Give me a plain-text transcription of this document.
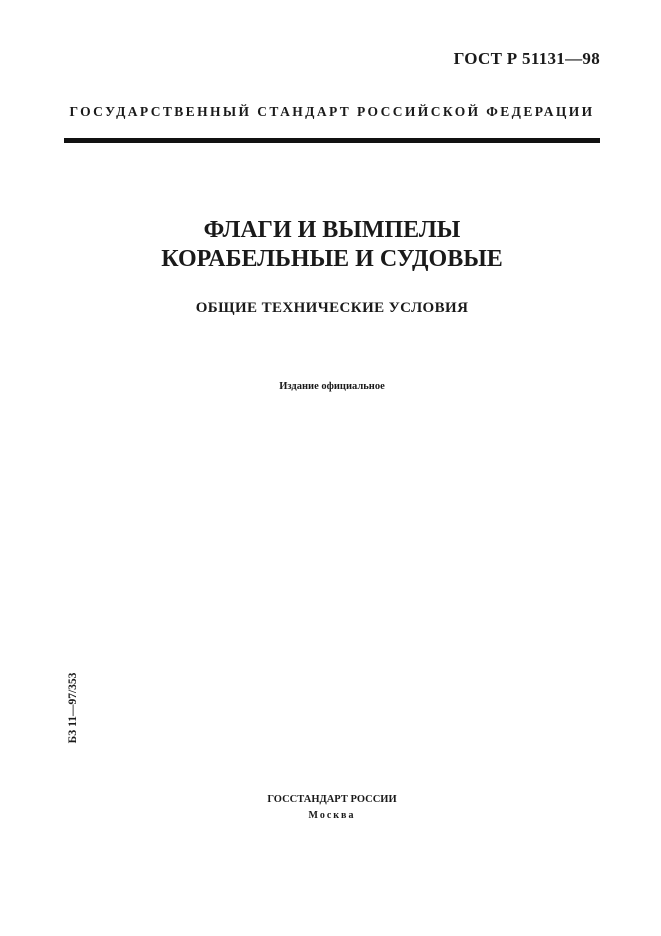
ГОСТ Р 51131—98
ГОСУДАРСТВЕННЫЙ СТАНДАРТ РОССИЙСКОЙ ФЕДЕРАЦИИ
ФЛАГИ И ВЫМПЕЛЫ
КОРАБЕЛЬНЫЕ И СУДОВЫЕ
ОБЩИЕ ТЕХНИЧЕСКИЕ УСЛОВИЯ
Издание официальное
БЗ 11—97/353
ГОССТАНДАРТ РОССИИ
Москва
